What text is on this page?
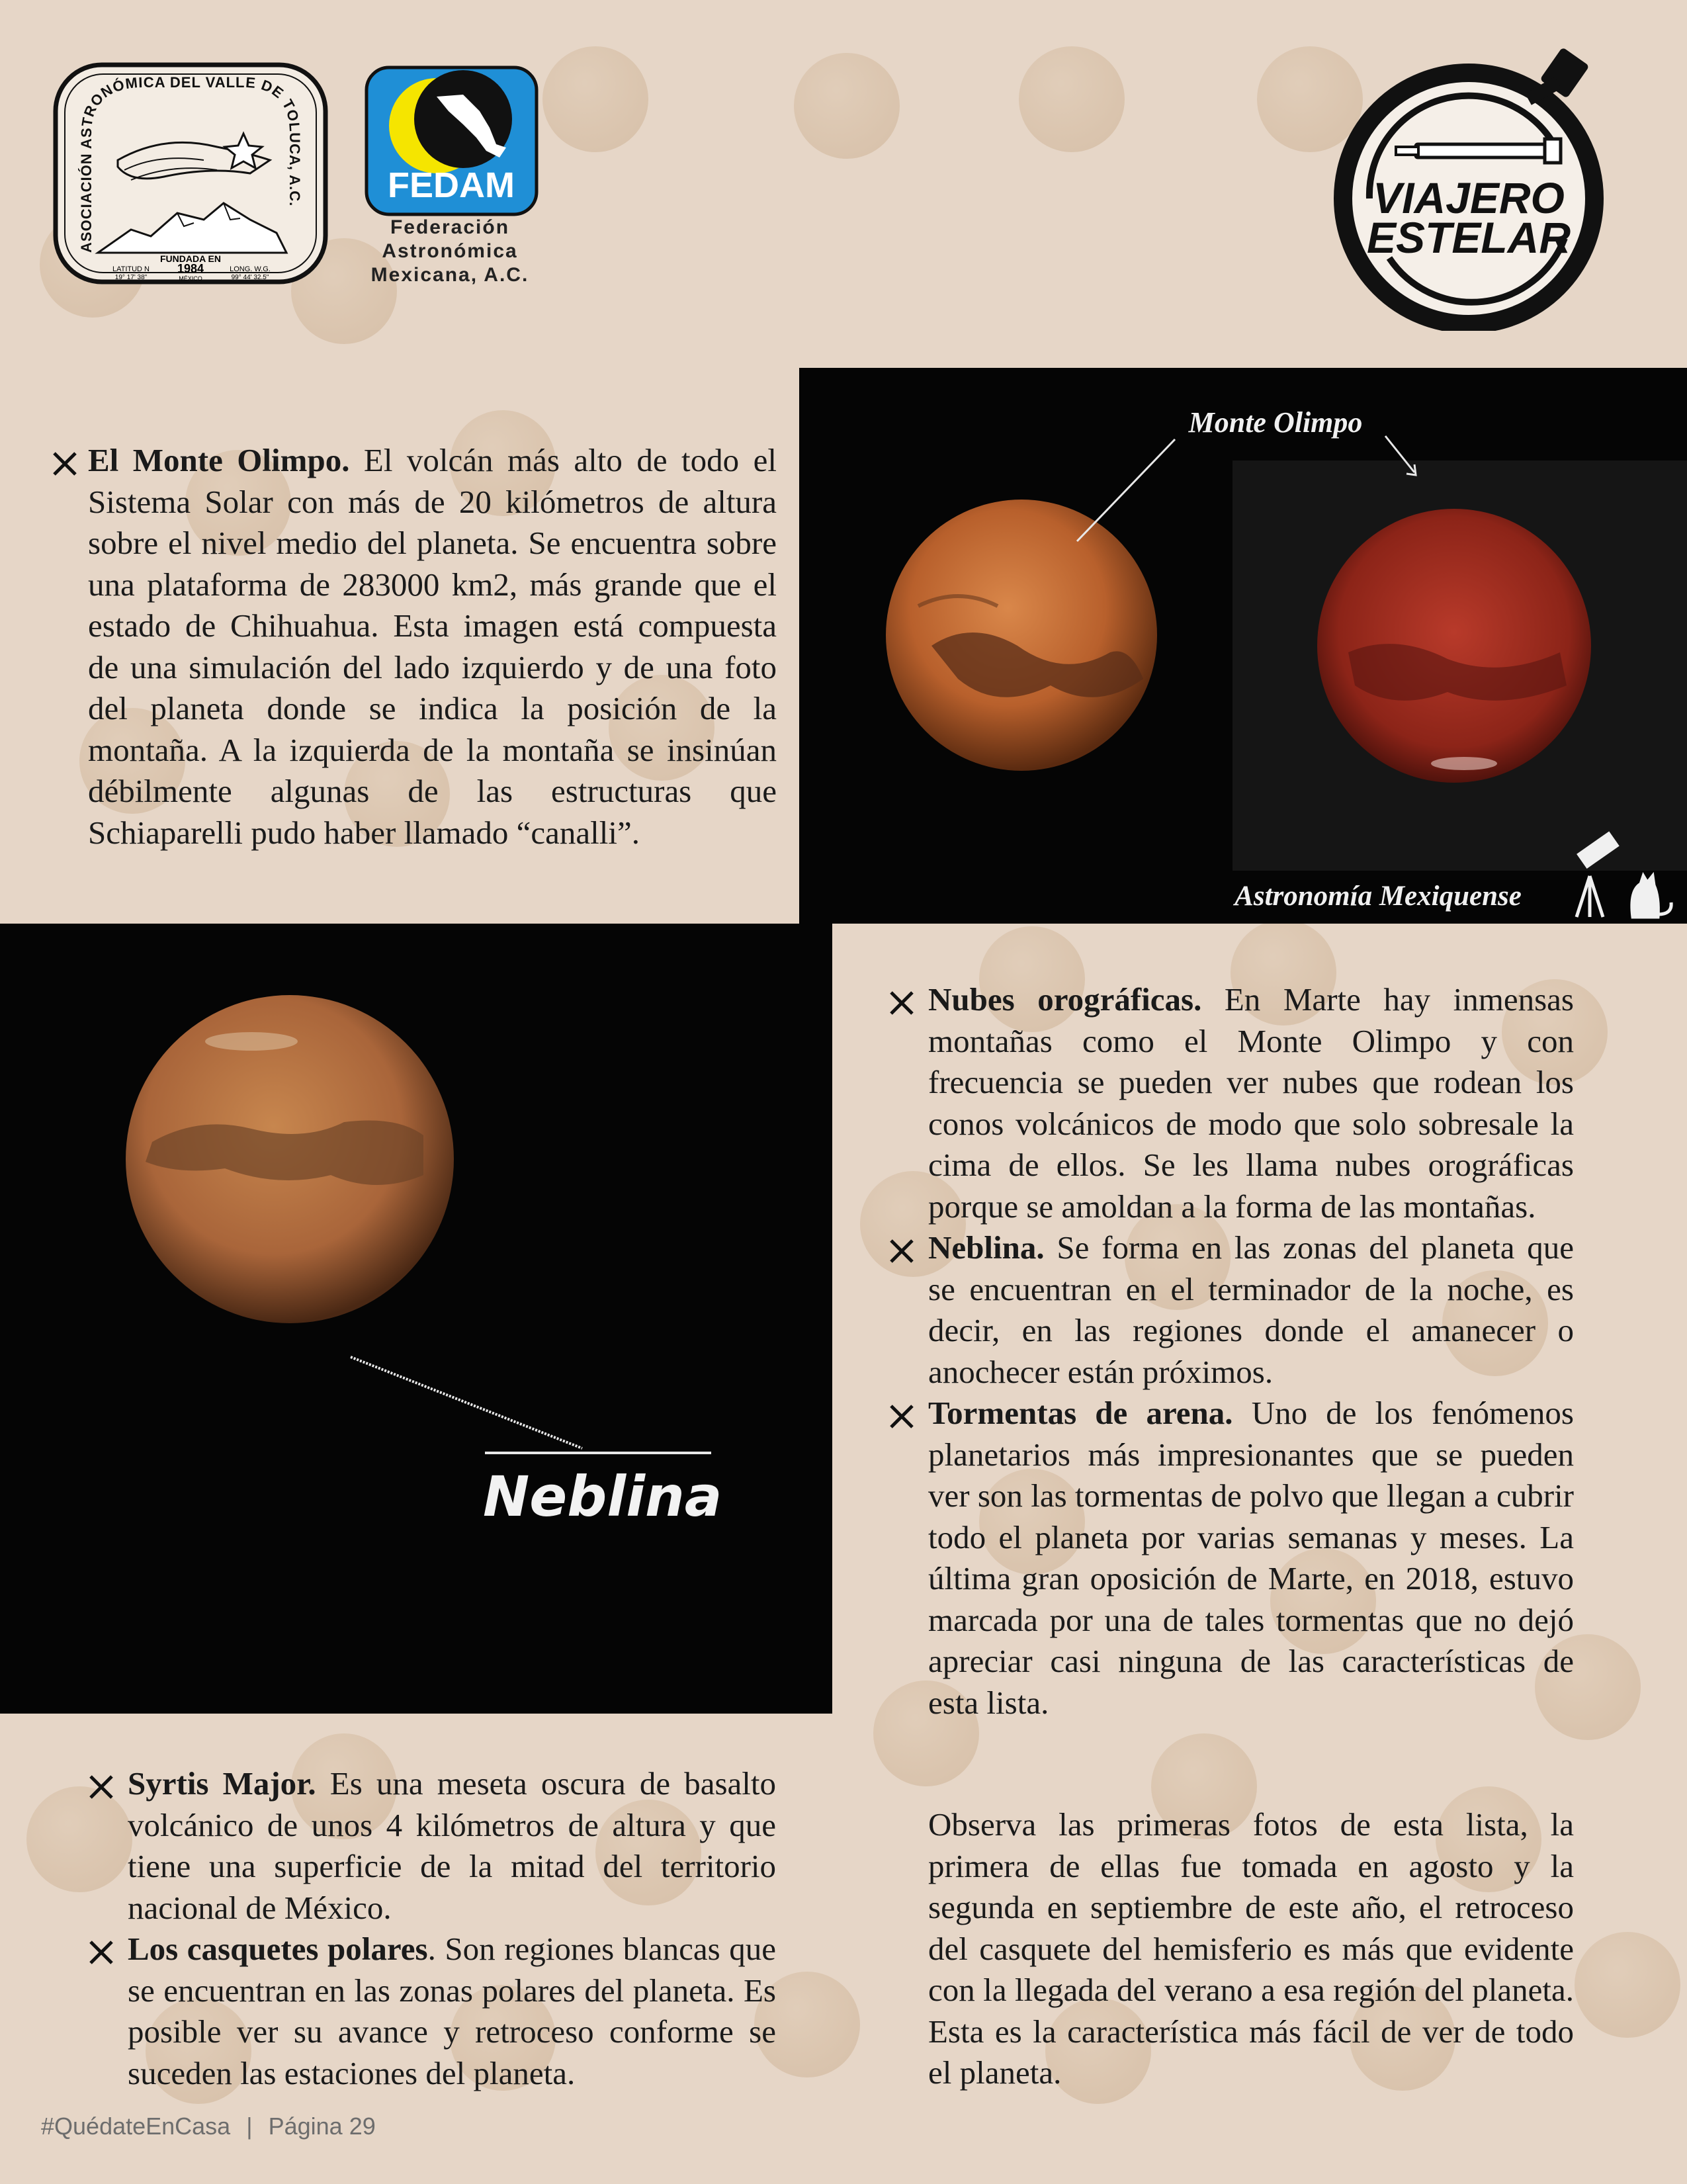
ASOCIACIÓN ASTRONÓMICA DEL VALLE DE TOLUCA, A.C.
FUNDADA EN
1984
MÉXICO
LATITUD N
19° 17' 38"
LONG. W.G.
99° 44' 32.5"
FEDAM
Federación
Astronómica
Mexicana, A.C.
VIAJERO
ESTELAR
El Monte Olimpo. El volcán más alto de todo el Sistema Solar con más de 20 kilómetros de altura sobre el nivel medio del planeta. Se encuentra sobre una plataforma de 283000 km2, más grande que el estado de Chihuahua. Esta imagen está compuesta de una simulación del lado izquierdo y de una foto del planeta donde se indica la posición de la montaña. A la izquierda de la montaña se insinúan débilmente algunas de las estructuras que Schiaparelli pudo haber llamado “canalli”.
Monte Olimpo
Astronomía Mexiquense
Neblina
Nubes orográficas. En Marte hay inmensas montañas como el Monte Olimpo y con frecuencia se pueden ver nubes que rodean los conos volcánicos de modo que solo sobresale la cima de ellos. Se les llama nubes orográficas porque se amoldan a la forma de las montañas.
Neblina. Se forma en las zonas del planeta que se encuentran en el terminador de la noche, es decir, en las regiones donde el amanecer o anochecer están próximos.
Tormentas de arena. Uno de los fenómenos planetarios más impresionantes que se pueden ver son las tormentas de polvo que llegan a cubrir todo el planeta por varias semanas y meses. La última gran oposición de Marte, en 2018, estuvo marcada por una de tales tormentas que no dejó apreciar casi ninguna de las características de esta lista.
Syrtis Major. Es una meseta oscura de basalto volcánico de unos 4 kilómetros de altura y que tiene una superficie de la mitad del territorio nacional de México.
Los casquetes polares. Son regiones blancas que se encuentran en las zonas polares del planeta. Es posible ver su avance y retroceso conforme se suceden las estaciones del planeta.
Observa las primeras fotos de esta lista, la primera de ellas fue tomada en agosto y la segunda en septiembre de este año, el retroceso del casquete del hemisferio es más que evidente con la llegada del verano a esa región del planeta. Esta es la característica más fácil de ver de todo el planeta.
#QuédateEnCasa | Página 29
